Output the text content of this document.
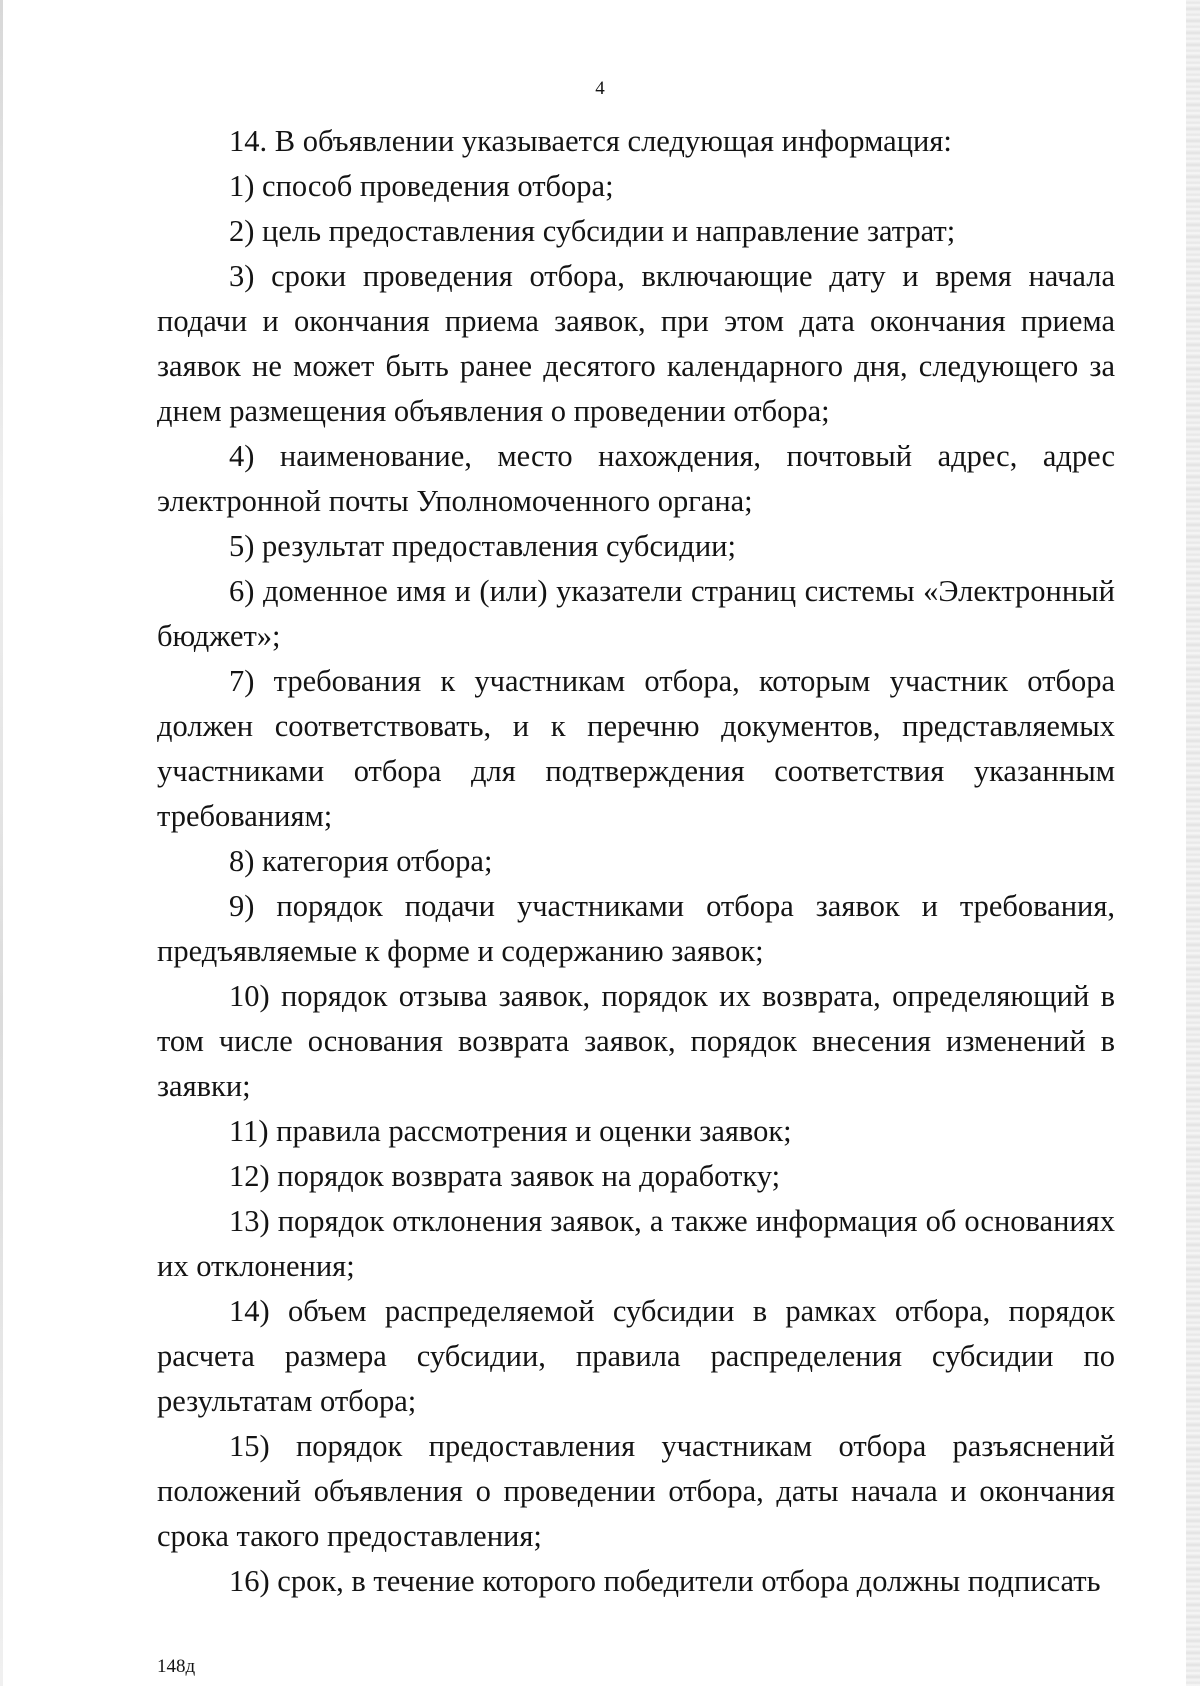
4

14. В объявлении указывается следующая информация:

1) способ проведения отбора;

2) цель предоставления субсидии и направление затрат;

3) сроки проведения отбора, включающие дату и время начала подачи и окончания приема заявок, при этом дата окончания приема заявок не может быть ранее десятого календарного дня, следующего за днем размещения объявления о проведении отбора;

4) наименование, место нахождения, почтовый адрес, адрес электронной почты Уполномоченного органа;

5) результат предоставления субсидии;

6) доменное имя и (или) указатели страниц системы «Электронный бюджет»;

7) требования к участникам отбора, которым участник отбора должен соответствовать, и к перечню документов, представляемых участниками отбора для подтверждения соответствия указанным требованиям;

8) категория отбора;

9) порядок подачи участниками отбора заявок и требования, предъявляемые к форме и содержанию заявок;

10) порядок отзыва заявок, порядок их возврата, определяющий в том числе основания возврата заявок, порядок внесения изменений в заявки;

11) правила рассмотрения и оценки заявок;

12) порядок возврата заявок на доработку;

13) порядок отклонения заявок, а также информация об основаниях их отклонения;

14) объем распределяемой субсидии в рамках отбора, порядок расчета размера субсидии, правила распределения субсидии по результатам отбора;

15) порядок предоставления участникам отбора разъяснений положений объявления о проведении отбора, даты начала и окончания срока такого предоставления;

16) срок, в течение которого победители отбора должны подписать

148д
